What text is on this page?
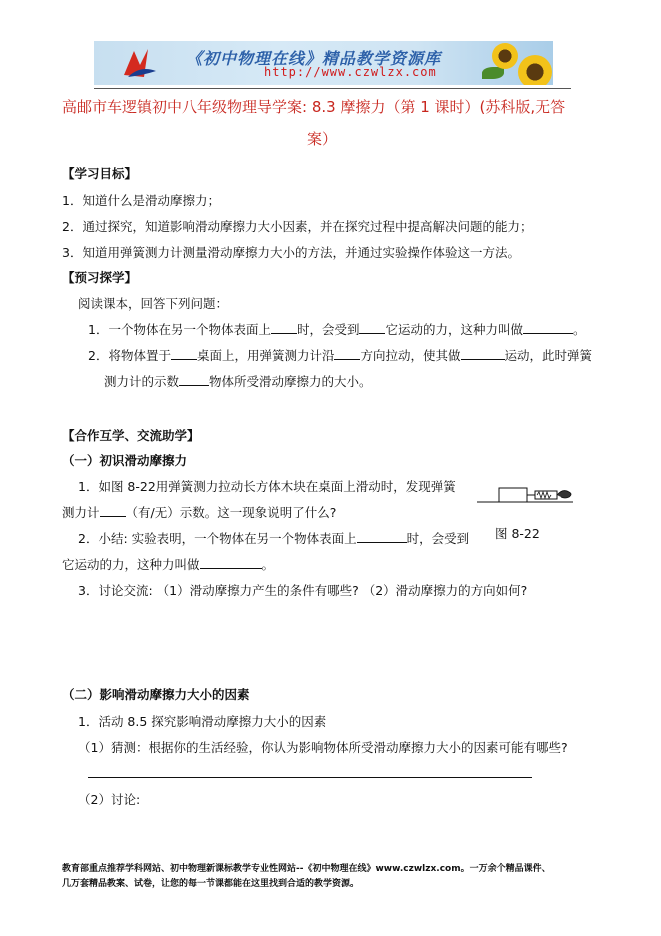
《初中物理在线》精品教学资源库
http://www.czwlzx.com
高邮市车逻镇初中八年级物理导学案: 8.3 摩擦力（第 1 课时）(苏科版,无答
案）
【学习目标】
1．知道什么是滑动摩擦力；
2．通过探究，知道影响滑动摩擦力大小因素，并在探究过程中提高解决问题的能力；
3．知道用弹簧测力计测量滑动摩擦力大小的方法，并通过实验操作体验这一方法。
【预习探学】
阅读课本，回答下列问题：
1．一个物体在另一个物体表面上 时，会受到 它运动的力，这种力叫做	。
2．将物体置于 桌面上，用弹簧测力计沿 方向拉动，使其做	运动，此时弹簧
测力计的示数 物体所受滑动摩擦力的大小。
【合作互学、交流助学】
（一）初识滑动摩擦力
1．如图 8-22用弹簧测力拉动长方体木块在桌面上滑动时，发现弹簧
测力计 （有/无）示数。这一现象说明了什么?
2．小结: 实验表明，一个物体在另一个物体表面上	时，会受到
它运动的力，这种力叫做	。
图 8-22
3．讨论交流: （1）滑动摩擦力产生的条件有哪些? （2）滑动摩擦力的方向如何?
（二）影响滑动摩擦力大小的因素
1．活动 8.5 探究影响滑动摩擦力大小的因素
（1）猜测：根据你的生活经验，你认为影响物体所受滑动摩擦力大小的因素可能有哪些?
（2）讨论:
教育部重点推荐学科网站、初中物理新课标教学专业性网站--《初中物理在线》www.czwlzx.com。一万余个精品课件、
几万套精品教案、试卷，让您的每一节课都能在这里找到合适的教学资源。
